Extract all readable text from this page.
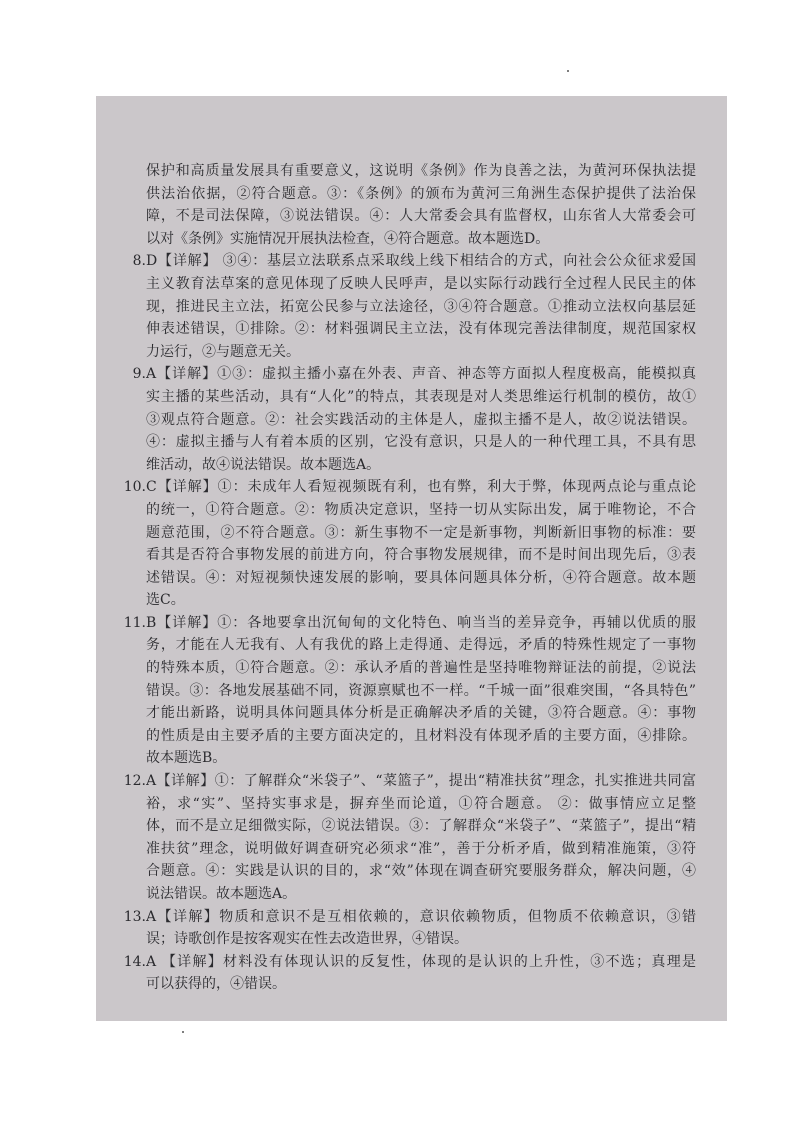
保护和高质量发展具有重要意义，这说明《条例》作为良善之法，为黄河环保执法提
供法治依据，②符合题意。③：《条例》的颁布为黄河三角洲生态保护提供了法治保
障，不是司法保障，③说法错误。④：人大常委会具有监督权，山东省人大常委会可
以对《条例》实施情况开展执法检查，④符合题意。故本题选D。
8. D【详解】 ③④：基层立法联系点采取线上线下相结合的方式，向社会公众征求爱国
主义教育法草案的意见体现了反映人民呼声，是以实际行动践行全过程人民民主的体
现，推进民主立法，拓宽公民参与立法途径，③④符合题意。①推动立法权向基层延
伸表述错误，①排除。②：材料强调民主立法，没有体现完善法律制度，规范国家权
力运行，②与题意无关。
9. A【详解】①③：虚拟主播小嘉在外表、声音、神态等方面拟人程度极高，能模拟真
实主播的某些活动，具有“人化”的特点，其表现是对人类思维运行机制的模仿，故①
③观点符合题意。②：社会实践活动的主体是人，虚拟主播不是人，故②说法错误。
④：虚拟主播与人有着本质的区别，它没有意识，只是人的一种代理工具，不具有思
维活动，故④说法错误。故本题选A。
10. C【详解】①：未成年人看短视频既有利，也有弊，利大于弊，体现两点论与重点论
的统一，①符合题意。②：物质决定意识，坚持一切从实际出发，属于唯物论，不合
题意范围，②不符合题意。③：新生事物不一定是新事物，判断新旧事物的标准：要
看其是否符合事物发展的前进方向，符合事物发展规律，而不是时间出现先后，③表
述错误。④：对短视频快速发展的影响，要具体问题具体分析，④符合题意。故本题
选C。
11. B【详解】①：各地要拿出沉甸甸的文化特色、响当当的差异竞争，再辅以优质的服
务，才能在人无我有、人有我优的路上走得通、走得远，矛盾的特殊性规定了一事物
的特殊本质，①符合题意。②：承认矛盾的普遍性是坚持唯物辩证法的前提，②说法
错误。③：各地发展基础不同，资源禀赋也不一样。“千城一面”很难突围，“各具特色”
才能出新路，说明具体问题具体分析是正确解决矛盾的关键，③符合题意。④：事物
的性质是由主要矛盾的主要方面决定的，且材料没有体现矛盾的主要方面，④排除。
故本题选B。
12. A【详解】①：了解群众“米袋子”、“菜篮子”，提出“精准扶贫”理念，扎实推进共同富
裕，求“实”、坚持实事求是，摒弃坐而论道，①符合题意。 ②：做事情应立足整
体，而不是立足细微实际，②说法错误。③：了解群众“米袋子”、“菜篮子”，提出“精
准扶贫”理念，说明做好调查研究必须求“准”，善于分析矛盾，做到精准施策，③符
合题意。④：实践是认识的目的，求“效”体现在调查研究要服务群众，解决问题，④
说法错误。故本题选A。
13. A【详解】物质和意识不是互相依赖的，意识依赖物质，但物质不依赖意识，③错
误；诗歌创作是按客观实在性去改造世界，④错误。
14. A 【详解】材料没有体现认识的反复性，体现的是认识的上升性，③不选；真理是
可以获得的，④错误。
